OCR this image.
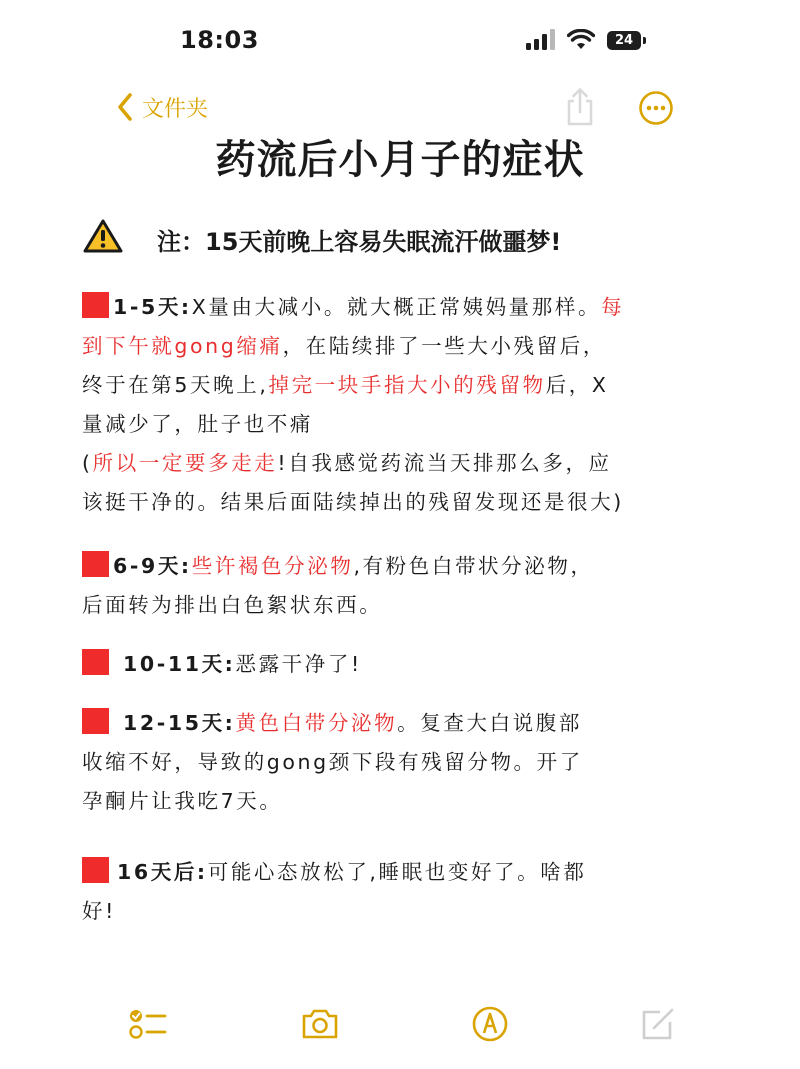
18:03	24
文件夹
药流后小月子的症状
注：15天前晚上容易失眠流汗做噩梦!

1-5天:X量由大减小。就大概正常姨妈量那样。每

到下午就gong缩痛，在陆续排了一些大小残留后，

终于在第5天晚上,掉完一块手指大小的残留物后，X

量减少了，肚子也不痛

(所以一定要多走走!自我感觉药流当天排那么多，应

该挺干净的。结果后面陆续掉出的残留发现还是很大)

6-9天:些许褐色分泌物,有粉色白带状分泌物，

后面转为排出白色絮状东西。

10-11天:恶露干净了!

12-15天:黄色白带分泌物。复查大白说腹部

收缩不好，导致的gong颈下段有残留分物。开了

孕酮片让我吃7天。

16天后:可能心态放松了,睡眠也变好了。啥都

好!
